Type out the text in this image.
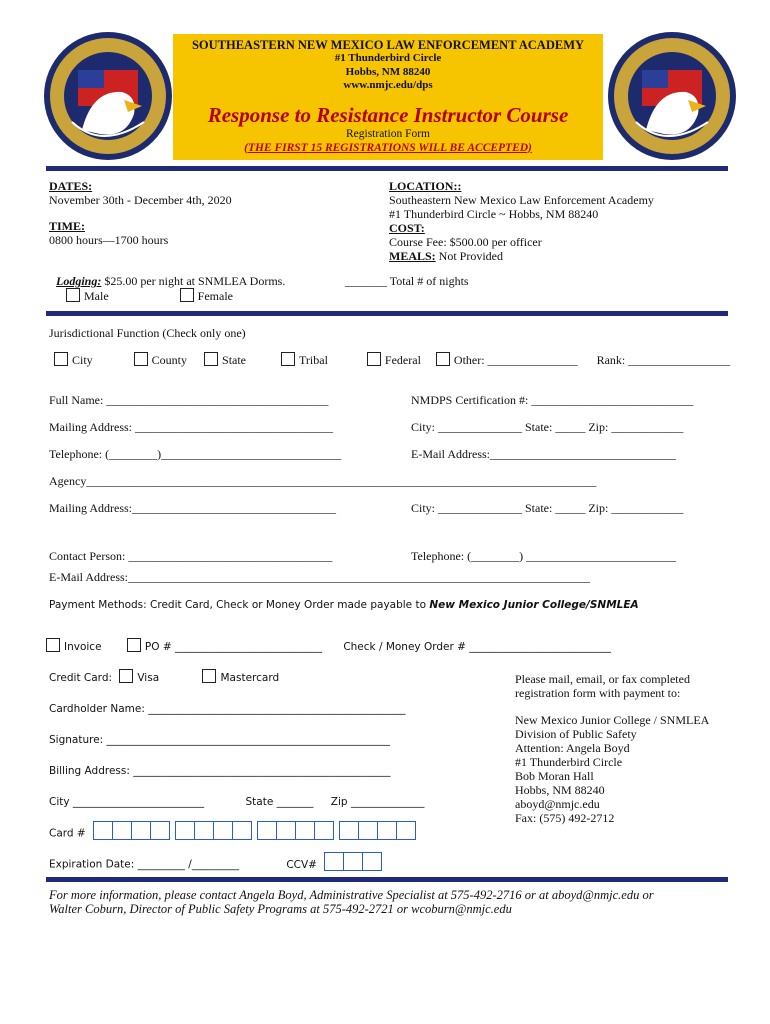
SOUTHEASTERN NEW MEXICO LAW ENFORCEMENT ACADEMY
#1 Thunderbird Circle
Hobbs, NM 88240
www.nmjc.edu/dps
Response to Resistance Instructor Course
Registration Form
(THE FIRST 15 REGISTRATIONS WILL BE ACCEPTED)
DATES:
November 30th - December 4th, 2020
TIME:
0800 hours—1700 hours
LOCATION::
Southeastern New Mexico Law Enforcement Academy
#1 Thunderbird Circle ~ Hobbs, NM 88240
COST:
Course Fee: $500.00 per officer
MEALS: Not Provided
Lodging: $25.00 per night at SNMLEA Dorms.
Male	Female
_______ Total # of nights
Jurisdictional Function (Check only one)
City	County	State	Tribal	Federal	Other: _______________ Rank: _________________
Full Name: _____________________________________	NMDPS Certification #: ___________________________
Mailing Address: _________________________________	City: ______________ State: _____ Zip: ____________
Telephone: (________)______________________________	E-Mail Address:_______________________________
Agency_____________________________________________________________________________________
Mailing Address:__________________________________	City: ______________ State: _____ Zip: ____________
Contact Person: __________________________________	Telephone: (________) _________________________
E-Mail Address:_____________________________________________________________________________
Payment Methods: Credit Card, Check or Money Order made payable to New Mexico Junior College/SNMLEA
Invoice	PO # ____________________________ Check / Money Order # ___________________________
Credit Card: Visa	Mastercard
Cardholder Name: _________________________________________________
Signature: ______________________________________________________
Billing Address: _________________________________________________
City _________________________	State _______ Zip ______________
Card #
Expiration Date: _________ /_________	CCV#
Please mail, email, or fax completed
registration form with payment to:
New Mexico Junior College / SNMLEA
Division of Public Safety
Attention: Angela Boyd
#1 Thunderbird Circle
Bob Moran Hall
Hobbs, NM 88240
aboyd@nmjc.edu
Fax: (575) 492-2712
For more information, please contact Angela Boyd, Administrative Specialist at 575-492-2716 or at aboyd@nmjc.edu or
Walter Coburn, Director of Public Safety Programs at 575-492-2721 or wcoburn@nmjc.edu
